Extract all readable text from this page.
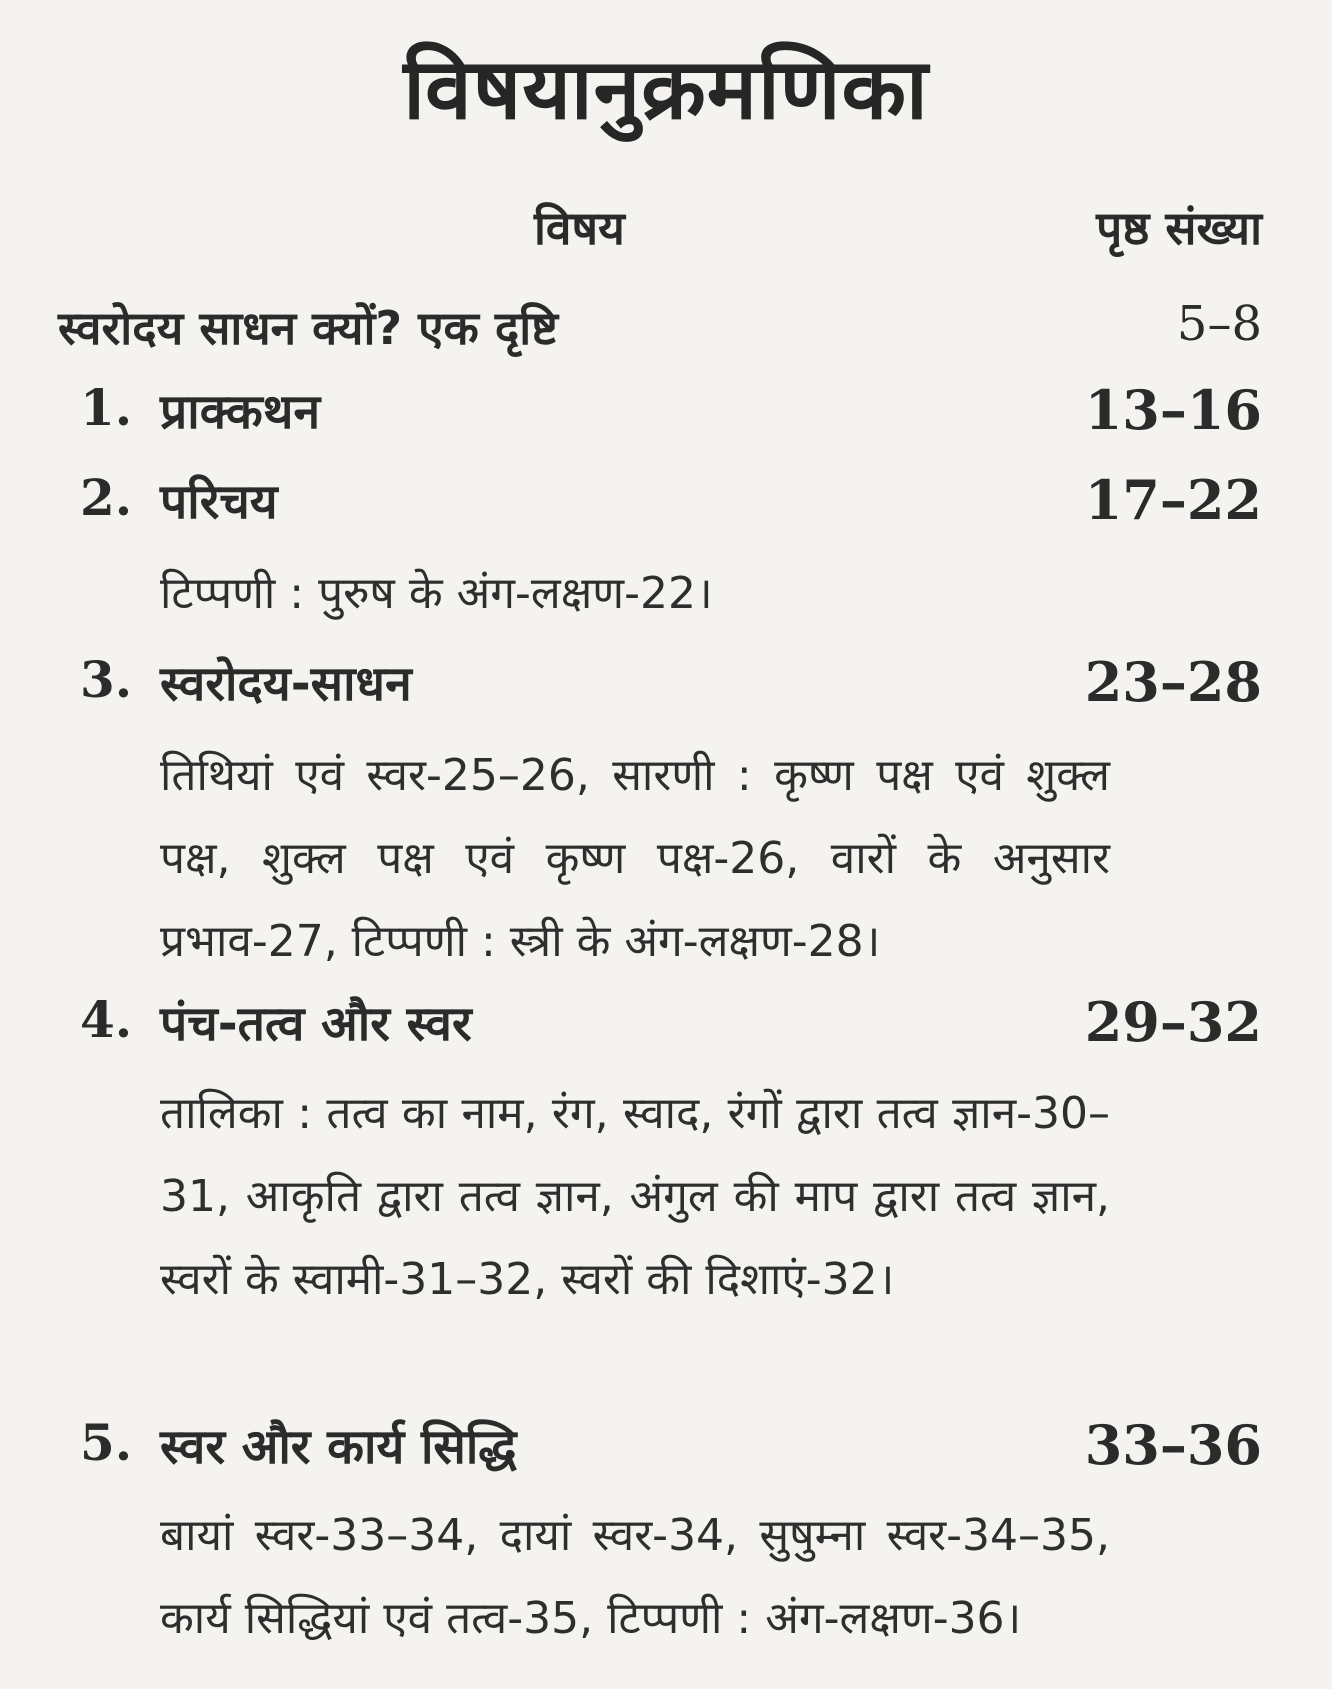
विषयानुक्रमणिका
विषय	पृष्ठ संख्या
स्वरोदय साधन क्यों? एक दृष्टि	5–8
1. प्राक्कथन	13–16
2. परिचय	17–22
टिप्पणी : पुरुष के अंग-लक्षण-22।
3. स्वरोदय-साधन	23–28
तिथियां एवं स्वर-25–26, सारणी : कृष्ण पक्ष एवं शुक्ल पक्ष, शुक्ल पक्ष एवं कृष्ण पक्ष-26, वारों के अनुसार प्रभाव-27, टिप्पणी : स्त्री के अंग-लक्षण-28।
4. पंच-तत्व और स्वर	29–32
तालिका : तत्व का नाम, रंग, स्वाद, रंगों द्वारा तत्व ज्ञान-30–31, आकृति द्वारा तत्व ज्ञान, अंगुल की माप द्वारा तत्व ज्ञान, स्वरों के स्वामी-31–32, स्वरों की दिशाएं-32।
5. स्वर और कार्य सिद्धि	33–36
बायां स्वर-33–34, दायां स्वर-34, सुषुम्ना स्वर-34–35, कार्य सिद्धियां एवं तत्व-35, टिप्पणी : अंग-लक्षण-36।
